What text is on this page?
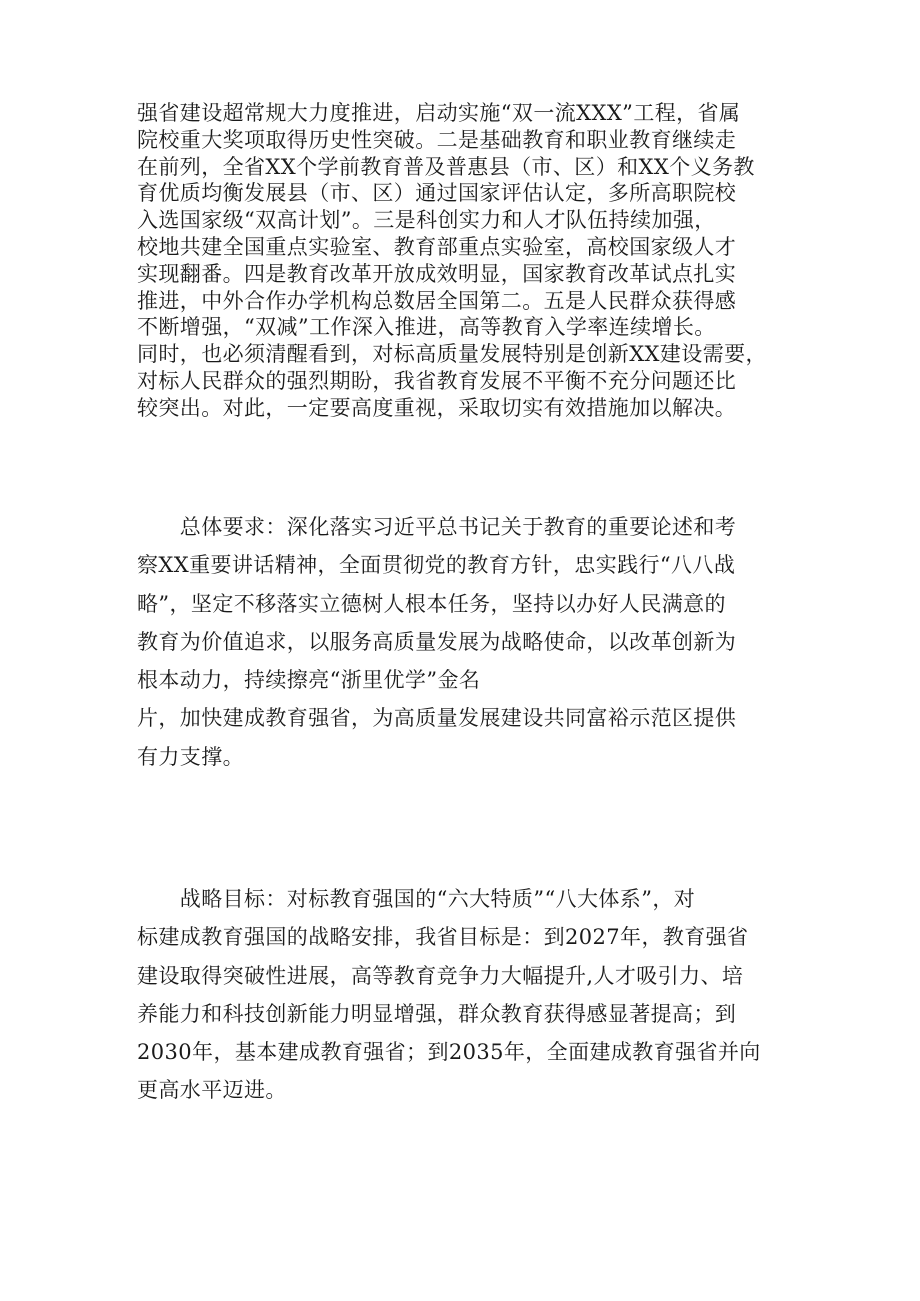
强省建设超常规大力度推进，启动实施“双一流XXX”工程，省属
院校重大奖项取得历史性突破。二是基础教育和职业教育继续走
在前列，全省XX个学前教育普及普惠县（市、区）和XX个义务教
育优质均衡发展县（市、区）通过国家评估认定，多所高职院校
入选国家级“双高计划”。三是科创实力和人才队伍持续加强，
校地共建全国重点实验室、教育部重点实验室，高校国家级人才
实现翻番。四是教育改革开放成效明显，国家教育改革试点扎实
推进，中外合作办学机构总数居全国第二。五是人民群众获得感
不断增强，“双减”工作深入推进，高等教育入学率连续增长。
同时，也必须清醒看到，对标高质量发展特别是创新XX建设需要，
对标人民群众的强烈期盼，我省教育发展不平衡不充分问题还比
较突出。对此，一定要高度重视，采取切实有效措施加以解决。
　　总体要求：深化落实习近平总书记关于教育的重要论述和考
察XX重要讲话精神，全面贯彻党的教育方针，忠实践行“八八战
略”，坚定不移落实立德树人根本任务，坚持以办好人民满意的
教育为价值追求，以服务高质量发展为战略使命，以改革创新为
根本动力，持续擦亮“浙里优学”金名
片，加快建成教育强省，为高质量发展建设共同富裕示范区提供
有力支撑。
　　战略目标：对标教育强国的“六大特质”“八大体系”，对
标建成教育强国的战略安排，我省目标是：到2027年，教育强省
建设取得突破性进展，高等教育竞争力大幅提升,人才吸引力、培
养能力和科技创新能力明显增强，群众教育获得感显著提高；到
2030年，基本建成教育强省；到2035年，全面建成教育强省并向
更高水平迈进。
